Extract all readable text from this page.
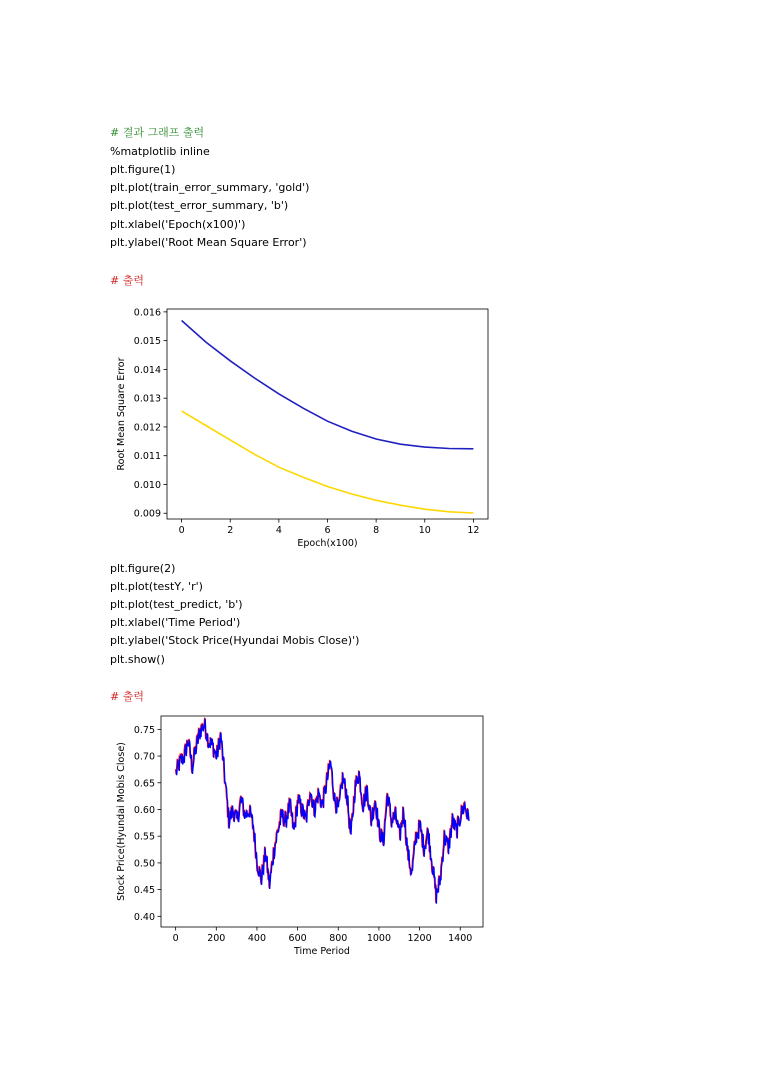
# 결과 그래프 출력
%matplotlib inline
plt.figure(1)
plt.plot(train_error_summary, 'gold')
plt.plot(test_error_summary, 'b')
plt.xlabel('Epoch(x100)')
plt.ylabel('Root Mean Square Error')
# 출력
plt.figure(2)
plt.plot(testY, 'r')
plt.plot(test_predict, 'b')
plt.xlabel('Time Period')
plt.ylabel('Stock Price(Hyundai Mobis Close)')
plt.show()
# 출력
0	2	4	6	8	10	12
0.009
0.010
0.011
0.012
0.013
0.014
0.015
0.016
Epoch(x100)
Root Mean Square Error
0	200 400 600 800 1000 1200 1400
0.40
0.45
0.50
0.55
0.60
0.65
0.70
0.75
Time Period
Stock Price(Hyundai Mobis Close)
